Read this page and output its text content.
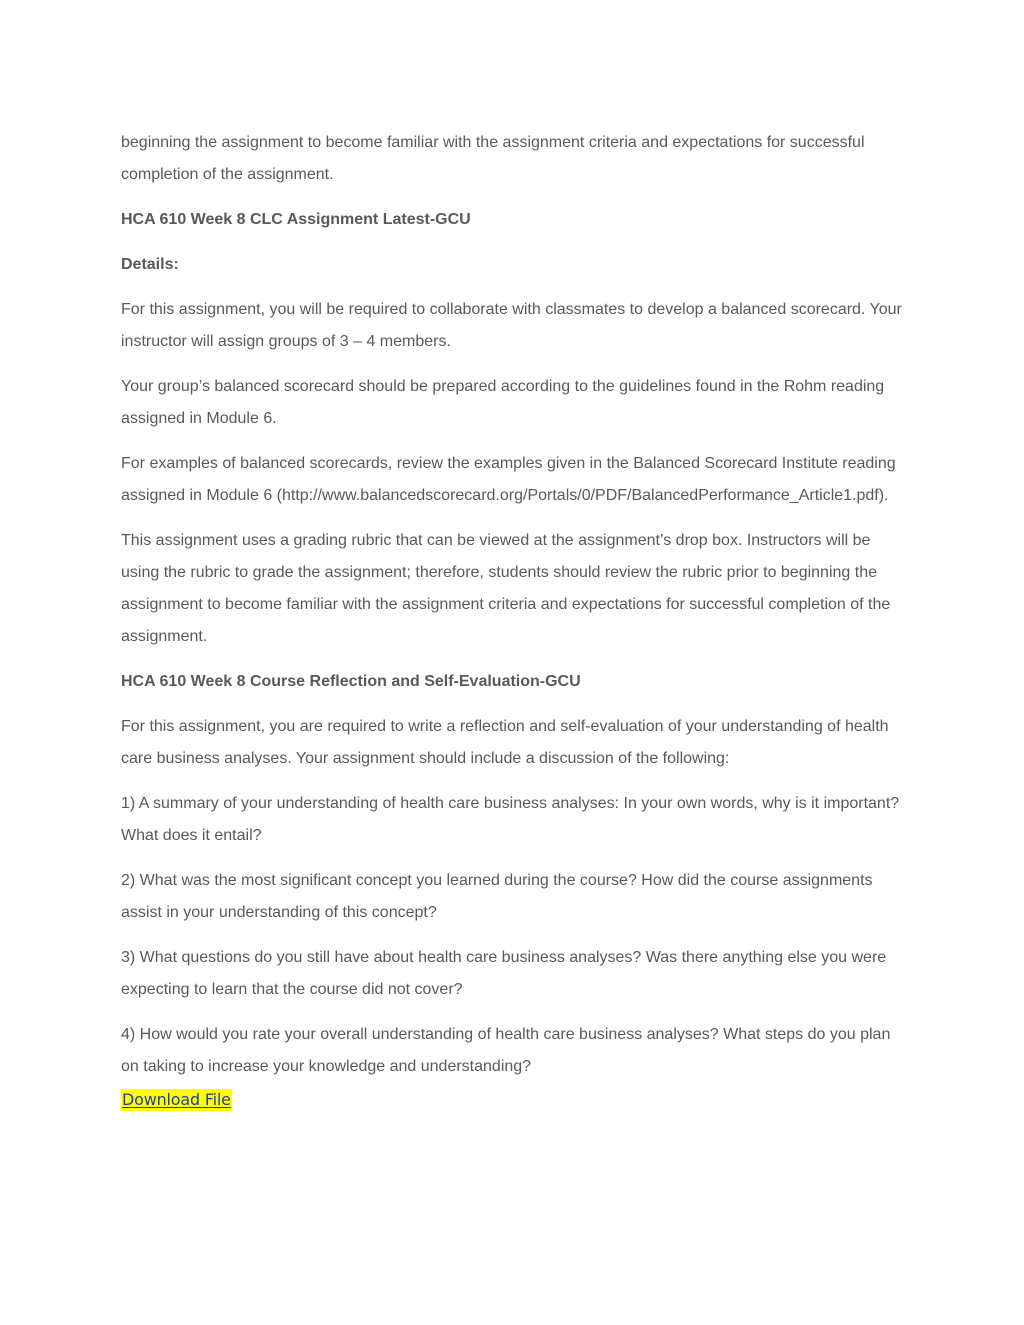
beginning the assignment to become familiar with the assignment criteria and expectations for successful completion of the assignment.

HCA 610 Week 8 CLC Assignment Latest-GCU

Details:

For this assignment, you will be required to collaborate with classmates to develop a balanced scorecard. Your instructor will assign groups of 3 – 4 members.

Your group’s balanced scorecard should be prepared according to the guidelines found in the Rohm reading assigned in Module 6.

For examples of balanced scorecards, review the examples given in the Balanced Scorecard Institute reading assigned in Module 6 (http://www.balancedscorecard.org/Portals/0/PDF/BalancedPerformance_Article1.pdf).

This assignment uses a grading rubric that can be viewed at the assignment’s drop box. Instructors will be using the rubric to grade the assignment; therefore, students should review the rubric prior to beginning the assignment to become familiar with the assignment criteria and expectations for successful completion of the assignment.

HCA 610 Week 8 Course Reflection and Self-Evaluation-GCU

For this assignment, you are required to write a reflection and self-evaluation of your understanding of health care business analyses. Your assignment should include a discussion of the following:

1) A summary of your understanding of health care business analyses: In your own words, why is it important? What does it entail?

2) What was the most significant concept you learned during the course? How did the course assignments assist in your understanding of this concept?

3) What questions do you still have about health care business analyses? Was there anything else you were expecting to learn that the course did not cover?

4) How would you rate your overall understanding of health care business analyses? What steps do you plan on taking to increase your knowledge and understanding?

Download File
